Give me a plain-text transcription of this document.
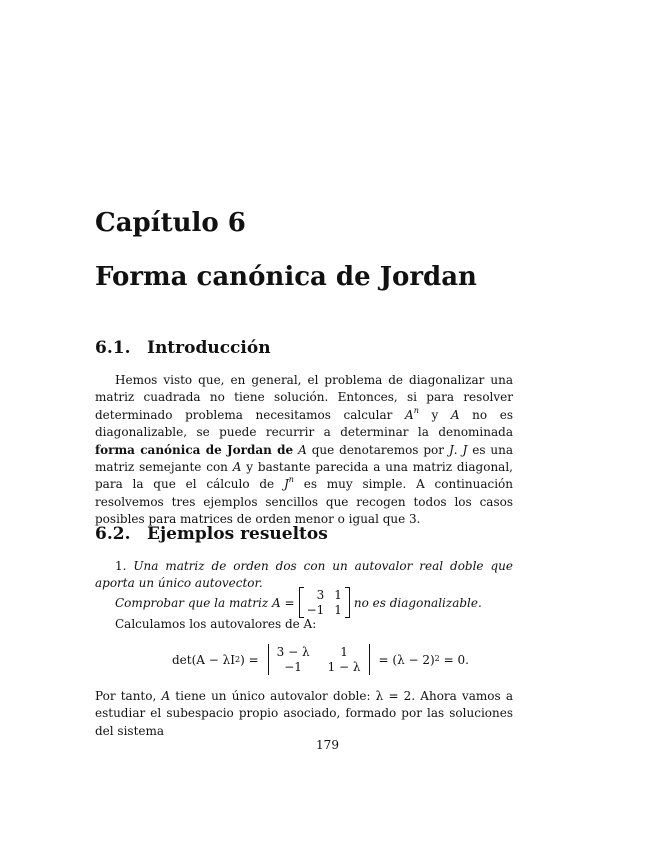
Capítulo 6
Forma canónica de Jordan
6.1. Introducción

Hemos visto que, en general, el problema de diagonalizar una matriz cuadrada no tiene solución. Entonces, si para resolver determinado problema necesitamos calcular $A^n$ y A no es diagonalizable, se puede recurrir a determinar la denominada forma canónica de Jordan de A que denotaremos por J. J es una matriz semejante con A y bastante parecida a una matriz diagonal, para la que el cálculo de $J^n$ es muy simple. A continuación resolvemos tres ejemplos sencillos que recogen todos los casos posibles para matrices de orden menor o igual que 3.

6.2. Ejemplos resueltos

1. Una matriz de orden dos con un autovalor real doble que aporta un único autovector.

Comprobar que la matriz A =
3 1
−1 1
no es diagonalizable.
Calculamos los autovalores de A:
det(A − λI 2 ) =
3 − λ	1
−1	1 − λ
= $(\lambda - 2)^2$
= 0.

Por tanto, A tiene un único autovalor doble: λ = 2. Ahora vamos a estudiar el subespacio propio asociado, formado por las soluciones del sistema

179
